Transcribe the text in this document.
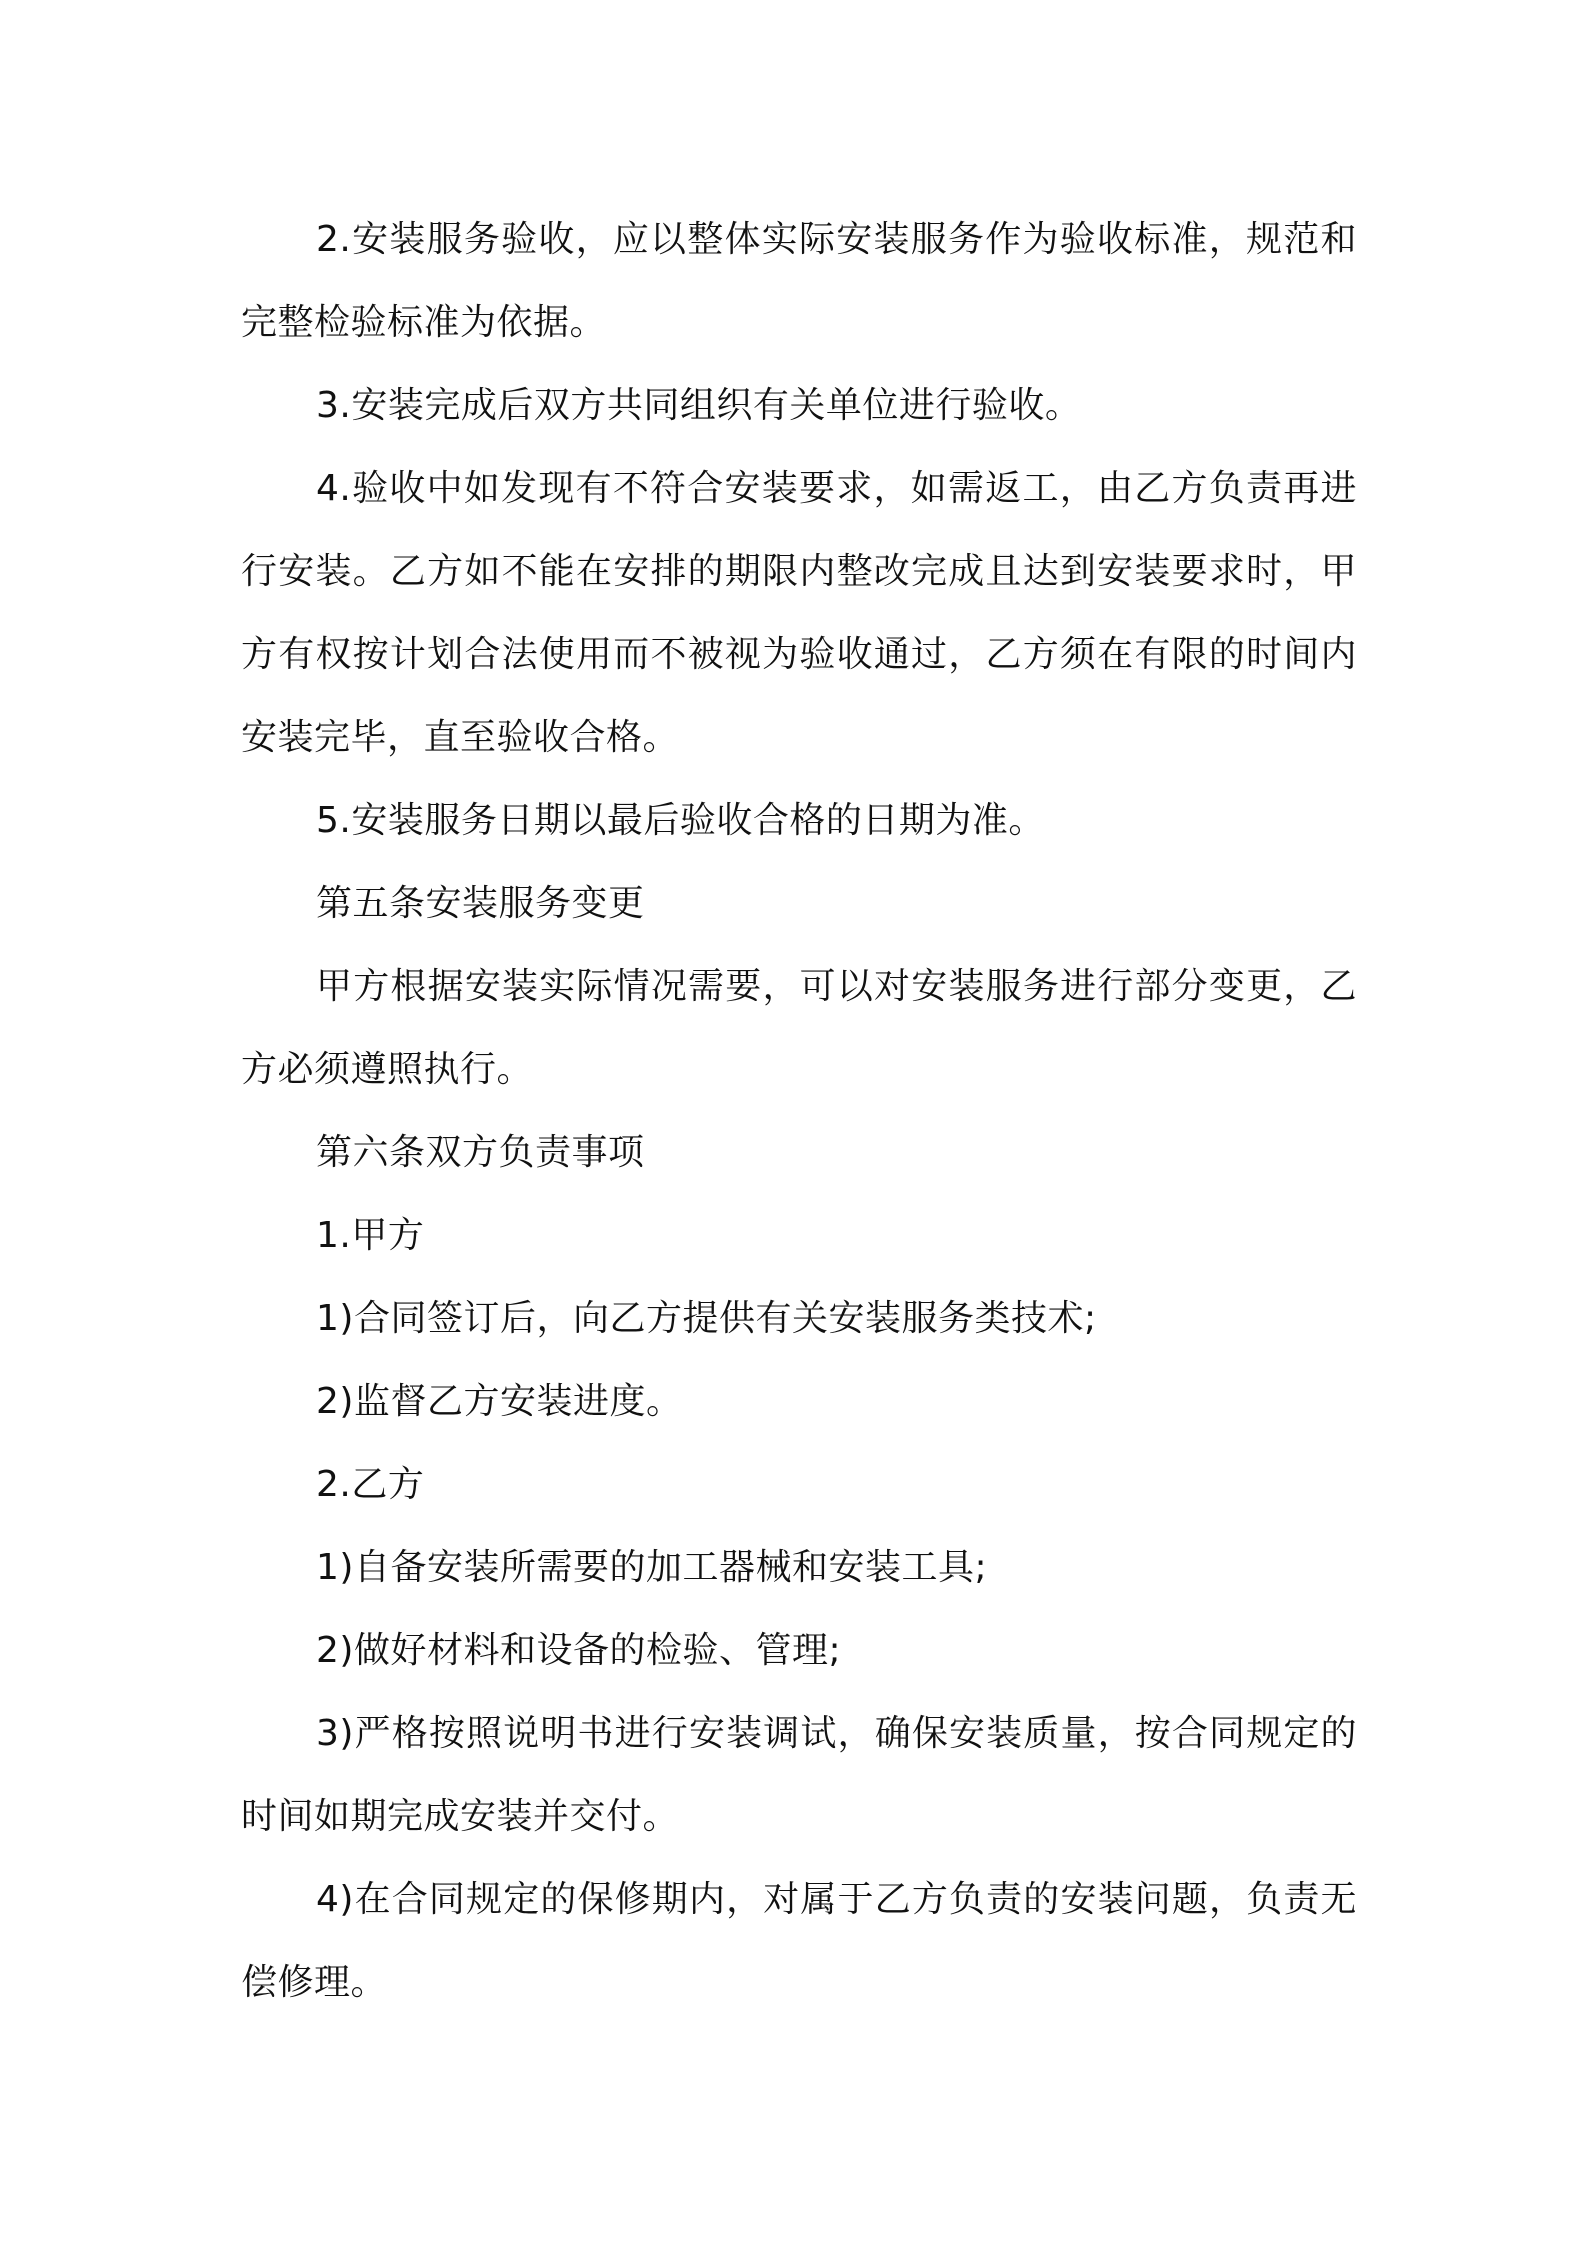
2.安装服务验收，应以整体实际安装服务作为验收标准，规范和完整检验标准为依据。

3.安装完成后双方共同组织有关单位进行验收。

4.验收中如发现有不符合安装要求，如需返工，由乙方负责再进行安装。乙方如不能在安排的期限内整改完成且达到安装要求时，甲方有权按计划合法使用而不被视为验收通过，乙方须在有限的时间内安装完毕，直至验收合格。

5.安装服务日期以最后验收合格的日期为准。

第五条安装服务变更

甲方根据安装实际情况需要，可以对安装服务进行部分变更，乙方必须遵照执行。

第六条双方负责事项

1.甲方

1)合同签订后，向乙方提供有关安装服务类技术;

2)监督乙方安装进度。

2.乙方

1)自备安装所需要的加工器械和安装工具;

2)做好材料和设备的检验、管理;

3)严格按照说明书进行安装调试，确保安装质量，按合同规定的时间如期完成安装并交付。

4)在合同规定的保修期内，对属于乙方负责的安装问题，负责无偿修理。
